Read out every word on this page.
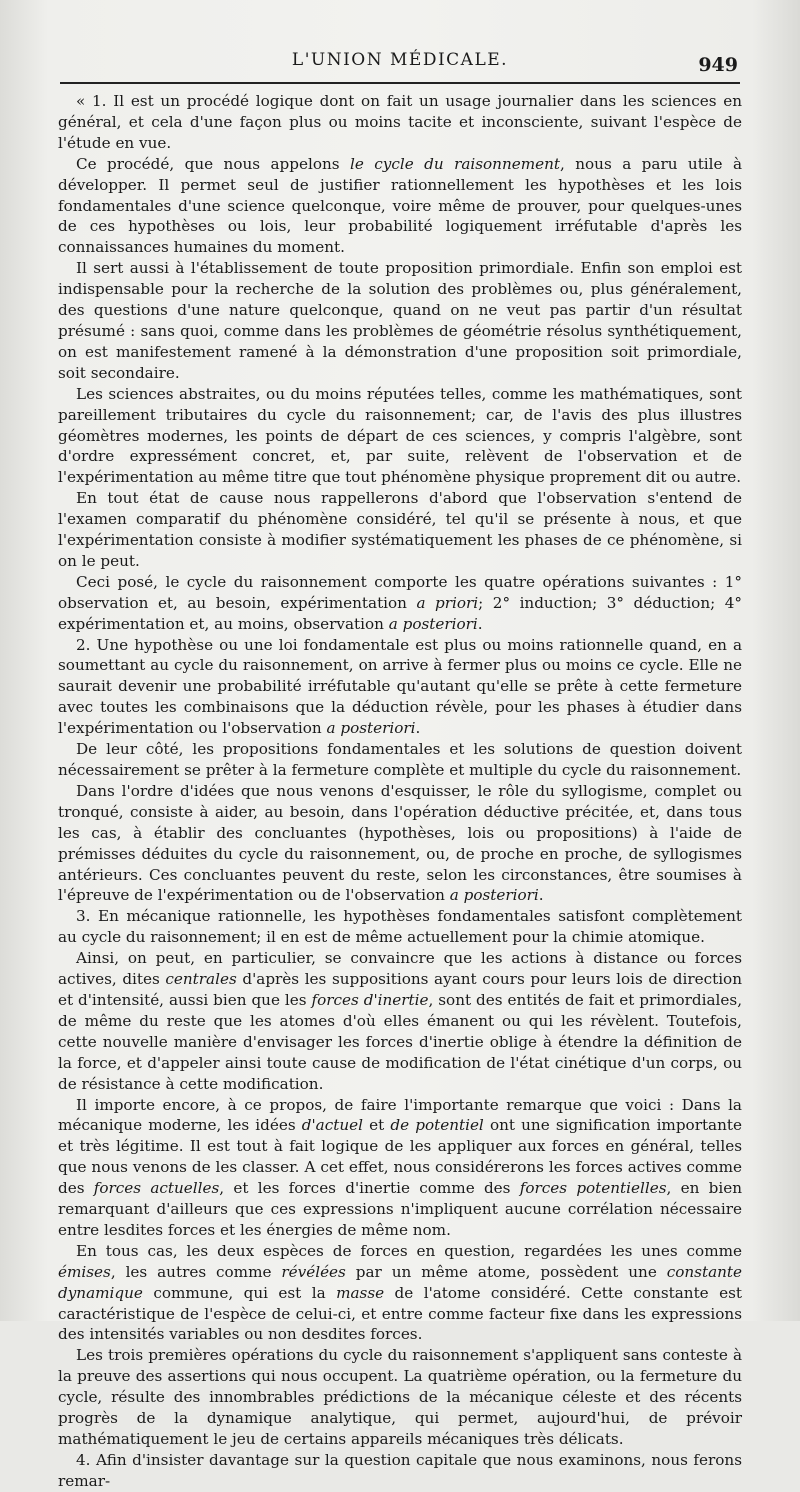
L'UNION MÉDICALE.	949

« 1. Il est un procédé logique dont on fait un usage journalier dans les sciences en général, et cela d'une façon plus ou moins tacite et inconsciente, suivant l'espèce de l'étude en vue.

Ce procédé, que nous appelons le cycle du raisonnement, nous a paru utile à développer. Il permet seul de justifier rationnellement les hypothèses et les lois fondamentales d'une science quelconque, voire même de prouver, pour quelques-unes de ces hypothèses ou lois, leur probabilité logiquement irréfutable d'après les connaissances humaines du moment.

Il sert aussi à l'établissement de toute proposition primordiale. Enfin son emploi est indispensable pour la recherche de la solution des problèmes ou, plus généralement, des questions d'une nature quelconque, quand on ne veut pas partir d'un résultat présumé : sans quoi, comme dans les problèmes de géométrie résolus synthétiquement, on est manifestement ramené à la démonstration d'une proposition soit primordiale, soit secondaire.

Les sciences abstraites, ou du moins réputées telles, comme les mathématiques, sont pareillement tributaires du cycle du raisonnement; car, de l'avis des plus illustres géomètres modernes, les points de départ de ces sciences, y compris l'algèbre, sont d'ordre expressément concret, et, par suite, relèvent de l'observation et de l'expérimentation au même titre que tout phénomène physique proprement dit ou autre.

En tout état de cause nous rappellerons d'abord que l'observation s'entend de l'examen comparatif du phénomène considéré, tel qu'il se présente à nous, et que l'expérimentation consiste à modifier systématiquement les phases de ce phénomène, si on le peut.

Ceci posé, le cycle du raisonnement comporte les quatre opérations suivantes : 1° observation et, au besoin, expérimentation a priori; 2° induction; 3° déduction; 4° expérimentation et, au moins, observation a posteriori.

2. Une hypothèse ou une loi fondamentale est plus ou moins rationnelle quand, en a soumettant au cycle du raisonnement, on arrive à fermer plus ou moins ce cycle. Elle ne saurait devenir une probabilité irréfutable qu'autant qu'elle se prête à cette fermeture avec toutes les combinaisons que la déduction révèle, pour les phases à étudier dans l'expérimentation ou l'observation a posteriori.

De leur côté, les propositions fondamentales et les solutions de question doivent nécessairement se prêter à la fermeture complète et multiple du cycle du raisonnement.

Dans l'ordre d'idées que nous venons d'esquisser, le rôle du syllogisme, complet ou tronqué, consiste à aider, au besoin, dans l'opération déductive précitée, et, dans tous les cas, à établir des concluantes (hypothèses, lois ou propositions) à l'aide de prémisses déduites du cycle du raisonnement, ou, de proche en proche, de syllogismes antérieurs. Ces concluantes peuvent du reste, selon les circonstances, être soumises à l'épreuve de l'expérimentation ou de l'observation a posteriori.

3. En mécanique rationnelle, les hypothèses fondamentales satisfont complètement au cycle du raisonnement; il en est de même actuellement pour la chimie atomique.

Ainsi, on peut, en particulier, se convaincre que les actions à distance ou forces actives, dites centrales d'après les suppositions ayant cours pour leurs lois de direction et d'intensité, aussi bien que les forces d'inertie, sont des entités de fait et primordiales, de même du reste que les atomes d'où elles émanent ou qui les révèlent. Toutefois, cette nouvelle manière d'envisager les forces d'inertie oblige à étendre la définition de la force, et d'appeler ainsi toute cause de modification de l'état cinétique d'un corps, ou de résistance à cette modification.

Il importe encore, à ce propos, de faire l'importante remarque que voici : Dans la mécanique moderne, les idées d'actuel et de potentiel ont une signification importante et très légitime. Il est tout à fait logique de les appliquer aux forces en général, telles que nous venons de les classer. A cet effet, nous considérerons les forces actives comme des forces actuelles, et les forces d'inertie comme des forces potentielles, en bien remarquant d'ailleurs que ces expressions n'impliquent aucune corrélation nécessaire entre lesdites forces et les énergies de même nom.

En tous cas, les deux espèces de forces en question, regardées les unes comme émises, les autres comme révélées par un même atome, possèdent une constante dynamique commune, qui est la masse de l'atome considéré. Cette constante est caractéristique de l'espèce de celui-ci, et entre comme facteur fixe dans les expressions des intensités variables ou non desdites forces.

Les trois premières opérations du cycle du raisonnement s'appliquent sans conteste à la preuve des assertions qui nous occupent. La quatrième opération, ou la fermeture du cycle, résulte des innombrables prédictions de la mécanique céleste et des récents progrès de la dynamique analytique, qui permet, aujourd'hui, de prévoir mathématiquement le jeu de certains appareils mécaniques très délicats.

4. Afin d'insister davantage sur la question capitale que nous examinons, nous ferons remar-
